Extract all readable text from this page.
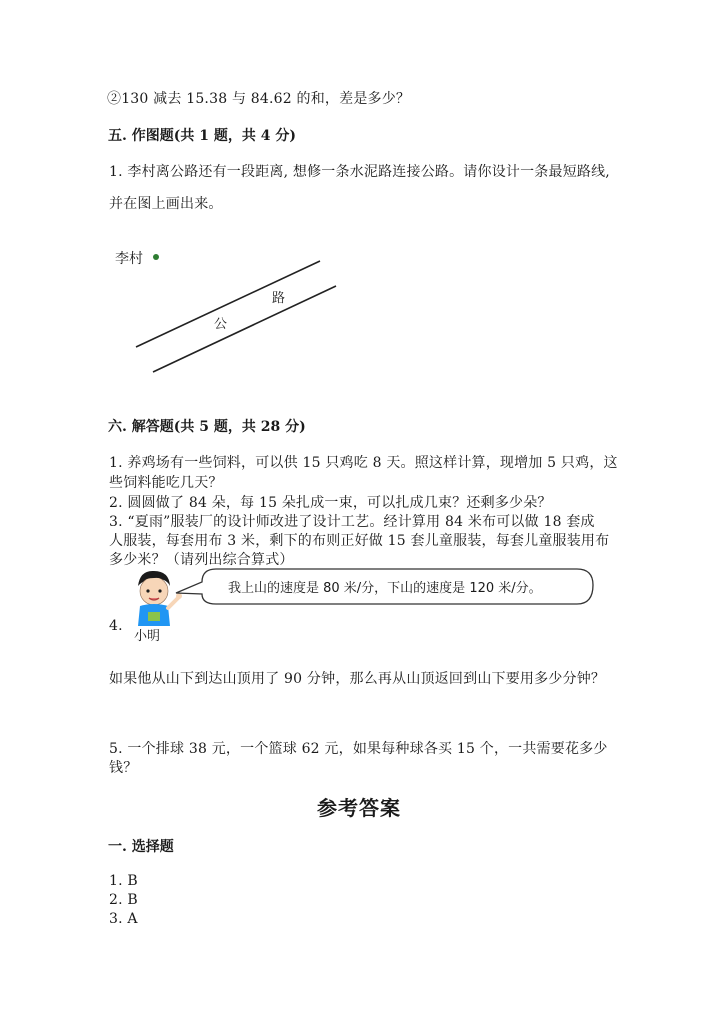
②130 减去 15.38 与 84.62 的和，差是多少？
五. 作图题(共 1 题，共 4 分)
1. 李村离公路还有一段距离, 想修一条水泥路连接公路。请你设计一条最短路线,
并在图上画出来。
李村
公
路
六. 解答题(共 5 题，共 28 分)
1. 养鸡场有一些饲料，可以供 15 只鸡吃 8 天。照这样计算，现增加 5 只鸡，这
些饲料能吃几天？
2. 圆圆做了 84 朵，每 15 朵扎成一束，可以扎成几束？还剩多少朵？
3. “夏雨”服装厂的设计师改进了设计工艺。经计算用 84 米布可以做 18 套成
人服装，每套用布 3 米，剩下的布则正好做 15 套儿童服装，每套儿童服装用布
多少米？（请列出综合算式）
4.
小明
我上山的速度是 80 米/分，下山的速度是 120 米/分。
如果他从山下到达山顶用了 90 分钟，那么再从山顶返回到山下要用多少分钟？
5. 一个排球 38 元，一个篮球 62 元，如果每种球各买 15 个，一共需要花多少
钱？
参考答案
一. 选择题
1. B
2. B
3. A
